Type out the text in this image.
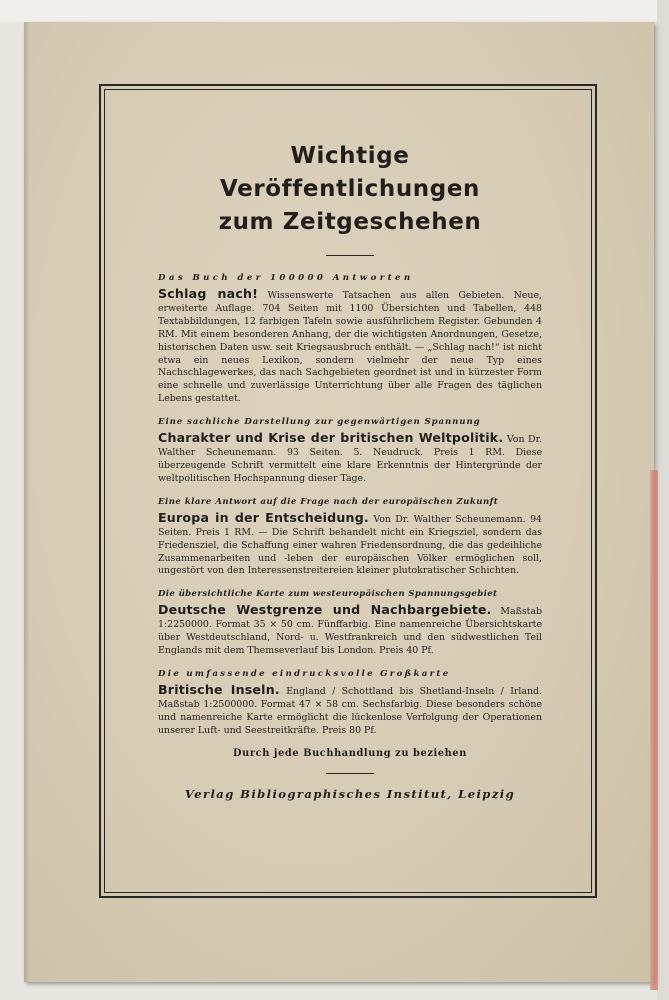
Wichtige Veröffentlichungen
zum Zeitgeschehen

Das Buch der 100000 Antworten

Schlag nach! Wissenswerte Tatsachen aus allen Gebieten. Neue, erweiterte Auflage. 704 Seiten mit 1100 Übersichten und Tabellen, 448 Textabbildungen, 12 farbigen Tafeln sowie ausführlichem Register. Gebunden 4 RM. Mit einem besonderen Anhang, der die wichtigsten Anordnungen, Gesetze, historischen Daten usw. seit Kriegsausbruch enthält. — „Schlag nach!“ ist nicht etwa ein neues Lexikon, sondern vielmehr der neue Typ eines Nachschlagewerkes, das nach Sachgebieten geordnet ist und in kürzester Form eine schnelle und zuverlässige Unterrichtung über alle Fragen des täglichen Lebens gestattet.

Eine sachliche Darstellung zur gegenwärtigen Spannung

Charakter und Krise der britischen Weltpolitik. Von Dr. Walther Scheunemann. 93 Seiten. 5. Neudruck. Preis 1 RM. Diese überzeugende Schrift vermittelt eine klare Erkenntnis der Hintergründe der weltpolitischen Hochspannung dieser Tage.

Eine klare Antwort auf die Frage nach der europäischen Zukunft

Europa in der Entscheidung. Von Dr. Walther Scheunemann. 94 Seiten. Preis 1 RM. — Die Schrift behandelt nicht ein Kriegsziel, sondern das Friedensziel, die Schaffung einer wahren Friedensordnung, die das gedeihliche Zusammenarbeiten und -leben der europäischen Völker ermöglichen soll, ungestört von den Interessenstreitereien kleiner plutokratischer Schichten.

Die übersichtliche Karte zum westeuropäischen Spannungsgebiet

Deutsche Westgrenze und Nachbargebiete. Maßstab 1:2250000. Format 35 × 50 cm. Fünffarbig. Eine namenreiche Übersichtskarte über Westdeutschland, Nord- u. Westfrankreich und den südwestlichen Teil Englands mit dem Themseverlauf bis London. Preis 40 Pf.

Die umfassende eindrucksvolle Großkarte

Britische Inseln. England / Schottland bis Shetland-Inseln / Irland. Maßstab 1:2500000. Format 47 × 58 cm. Sechsfarbig. Diese besonders schöne und namenreiche Karte ermöglicht die lückenlose Verfolgung der Operationen unserer Luft- und Seestreitkräfte. Preis 80 Pf.

Durch jede Buchhandlung zu beziehen

Verlag Bibliographisches Institut, Leipzig
